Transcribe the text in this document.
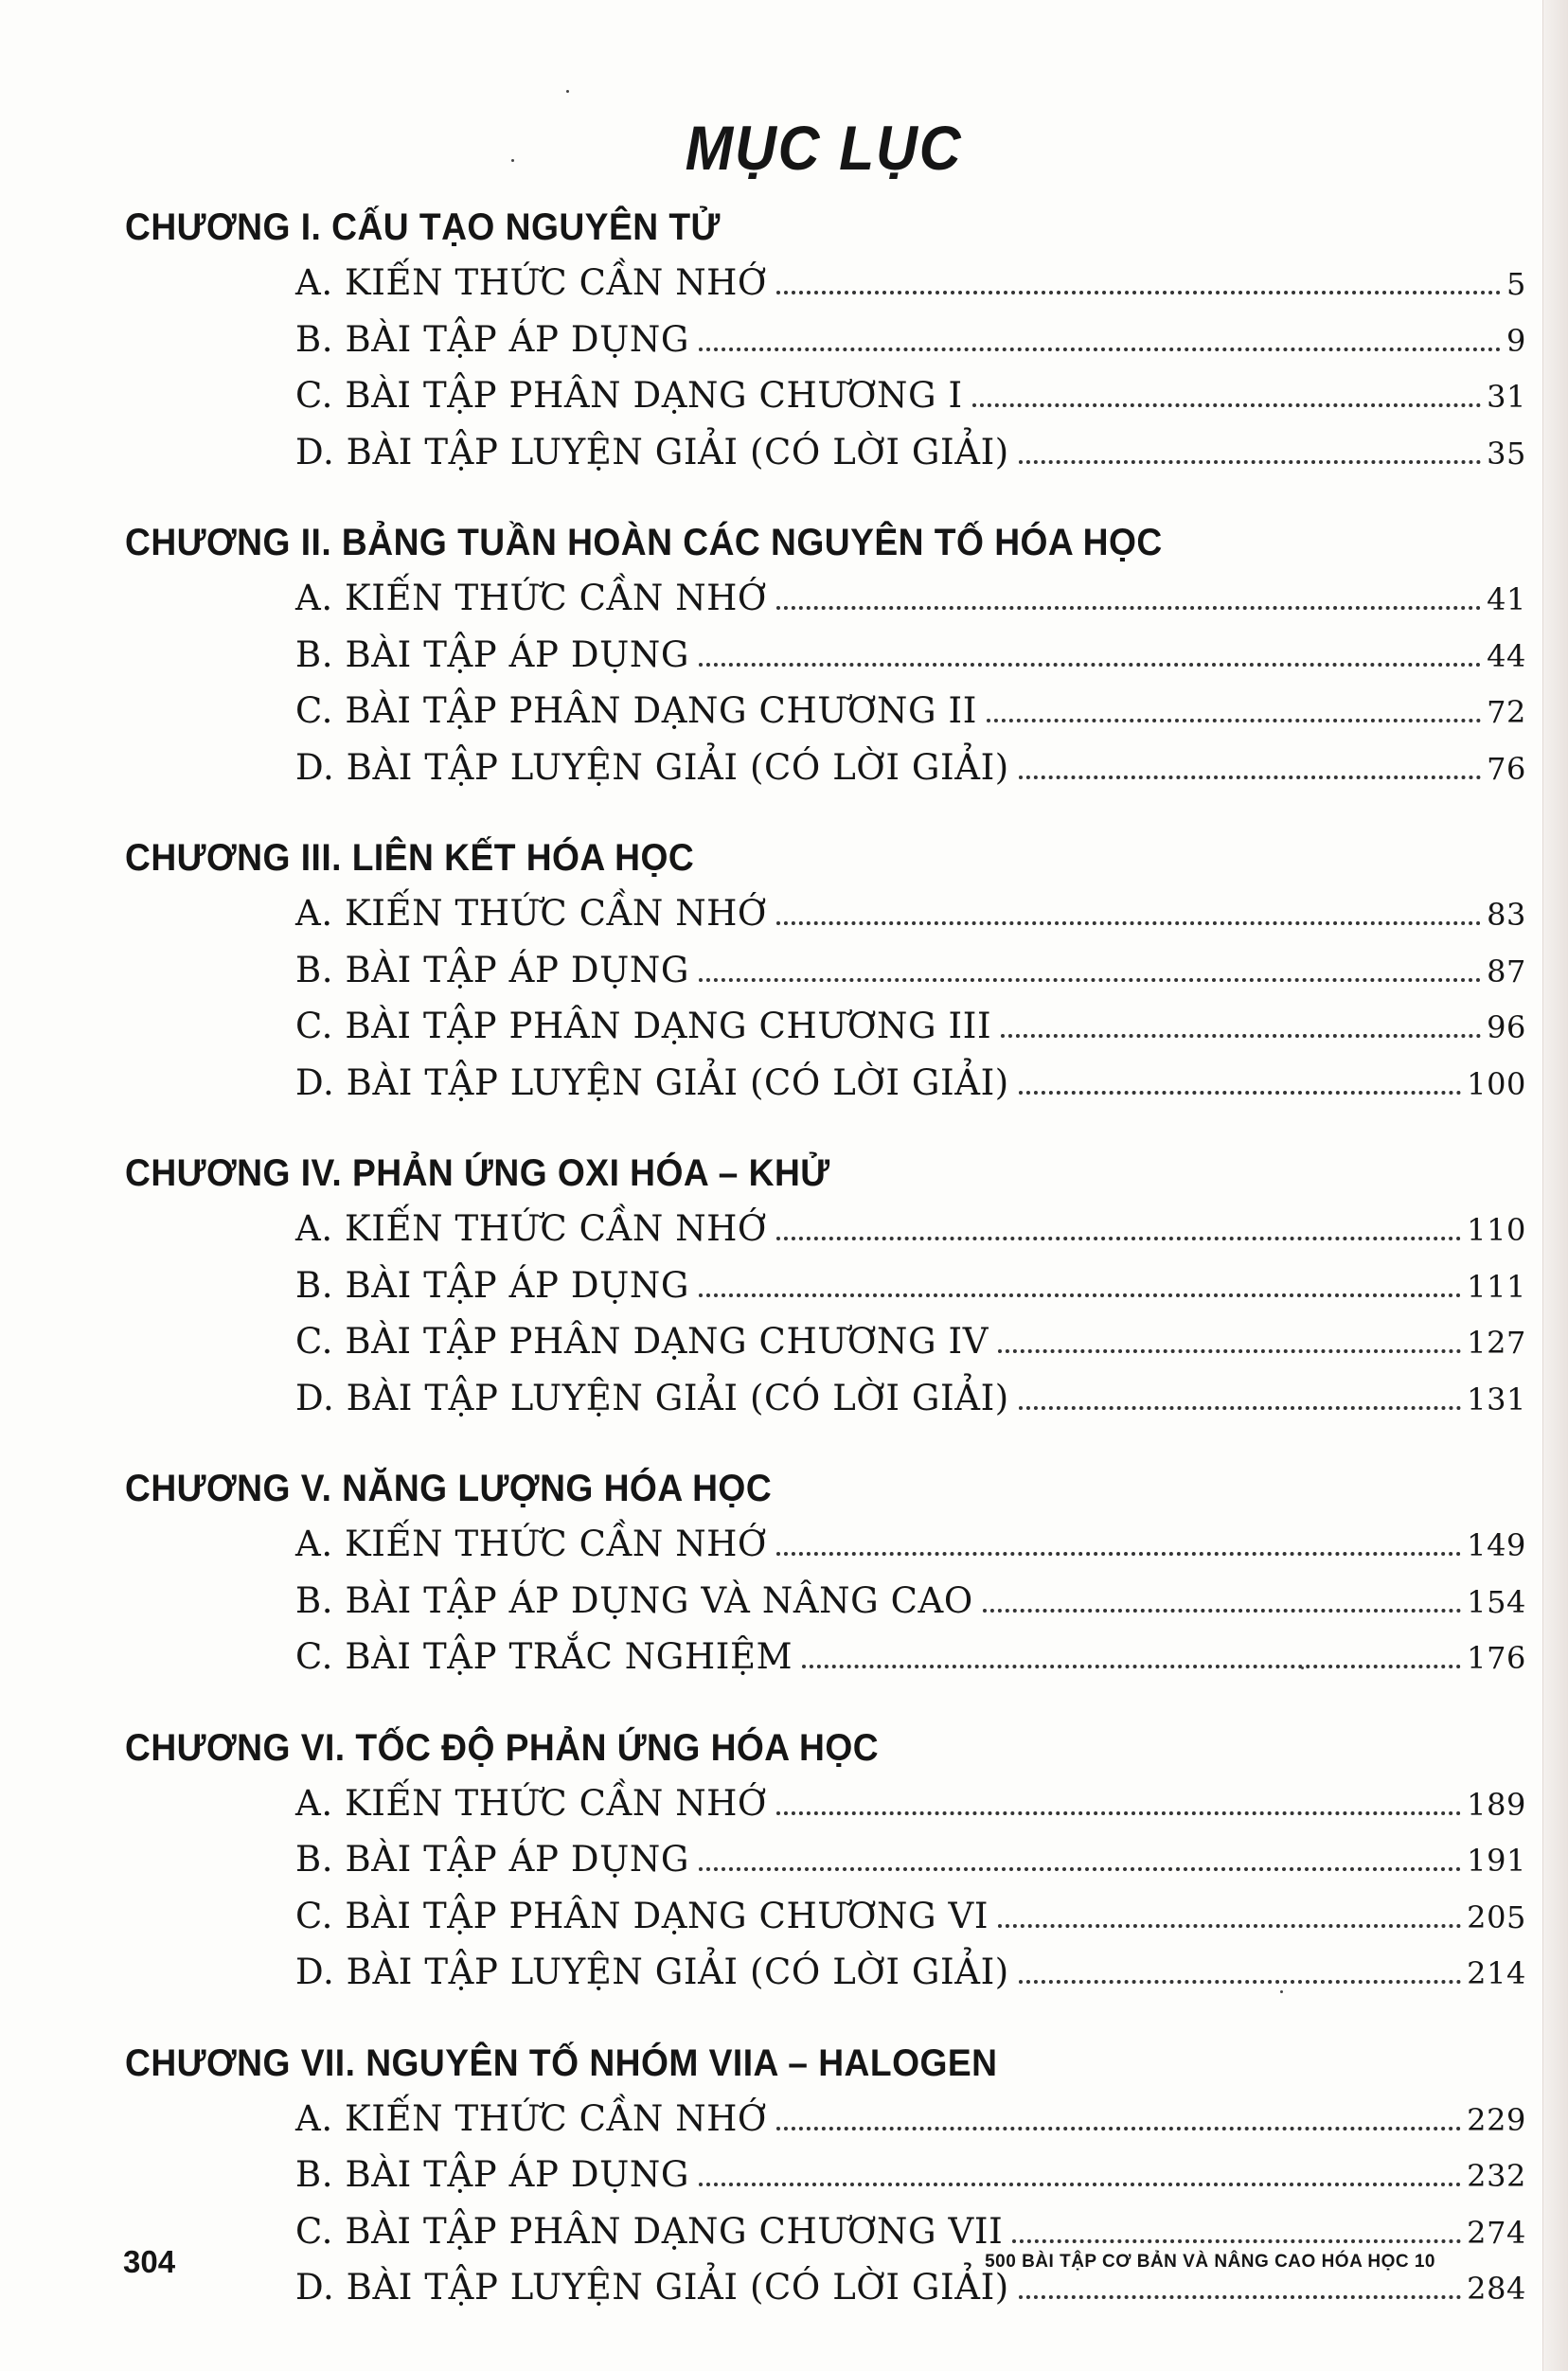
MỤC LỤC
CHƯƠNG I. CẤU TẠO NGUYÊN TỬ
A. KIẾN THỨC CẦN NHỚ	5
B. BÀI TẬP ÁP DỤNG	9
C. BÀI TẬP PHÂN DẠNG CHƯƠNG I	31
D. BÀI TẬP LUYỆN GIẢI (CÓ LỜI GIẢI)	35
CHƯƠNG II. BẢNG TUẦN HOÀN CÁC NGUYÊN TỐ HÓA HỌC
A. KIẾN THỨC CẦN NHỚ	41
B. BÀI TẬP ÁP DỤNG	44
C. BÀI TẬP PHÂN DẠNG CHƯƠNG II	72
D. BÀI TẬP LUYỆN GIẢI (CÓ LỜI GIẢI)	76
CHƯƠNG III. LIÊN KẾT HÓA HỌC
A. KIẾN THỨC CẦN NHỚ	83
B. BÀI TẬP ÁP DỤNG	87
C. BÀI TẬP PHÂN DẠNG CHƯƠNG III	96
D. BÀI TẬP LUYỆN GIẢI (CÓ LỜI GIẢI)	100
CHƯƠNG IV. PHẢN ỨNG OXI HÓA – KHỬ
A. KIẾN THỨC CẦN NHỚ	110
B. BÀI TẬP ÁP DỤNG	111
C. BÀI TẬP PHÂN DẠNG CHƯƠNG IV	127
D. BÀI TẬP LUYỆN GIẢI (CÓ LỜI GIẢI)	131
CHƯƠNG V. NĂNG LƯỢNG HÓA HỌC
A. KIẾN THỨC CẦN NHỚ	149
B. BÀI TẬP ÁP DỤNG VÀ NÂNG CAO	154
C. BÀI TẬP TRẮC NGHIỆM	176
CHƯƠNG VI. TỐC ĐỘ PHẢN ỨNG HÓA HỌC
A. KIẾN THỨC CẦN NHỚ	189
B. BÀI TẬP ÁP DỤNG	191
C. BÀI TẬP PHÂN DẠNG CHƯƠNG VI	205
D. BÀI TẬP LUYỆN GIẢI (CÓ LỜI GIẢI)	214
CHƯƠNG VII. NGUYÊN TỐ NHÓM VIIA – HALOGEN
A. KIẾN THỨC CẦN NHỚ	229
B. BÀI TẬP ÁP DỤNG	232
C. BÀI TẬP PHÂN DẠNG CHƯƠNG VII	274
D. BÀI TẬP LUYỆN GIẢI (CÓ LỜI GIẢI)	284
304	500 BÀI TẬP CƠ BẢN VÀ NÂNG CAO HÓA HỌC 10
